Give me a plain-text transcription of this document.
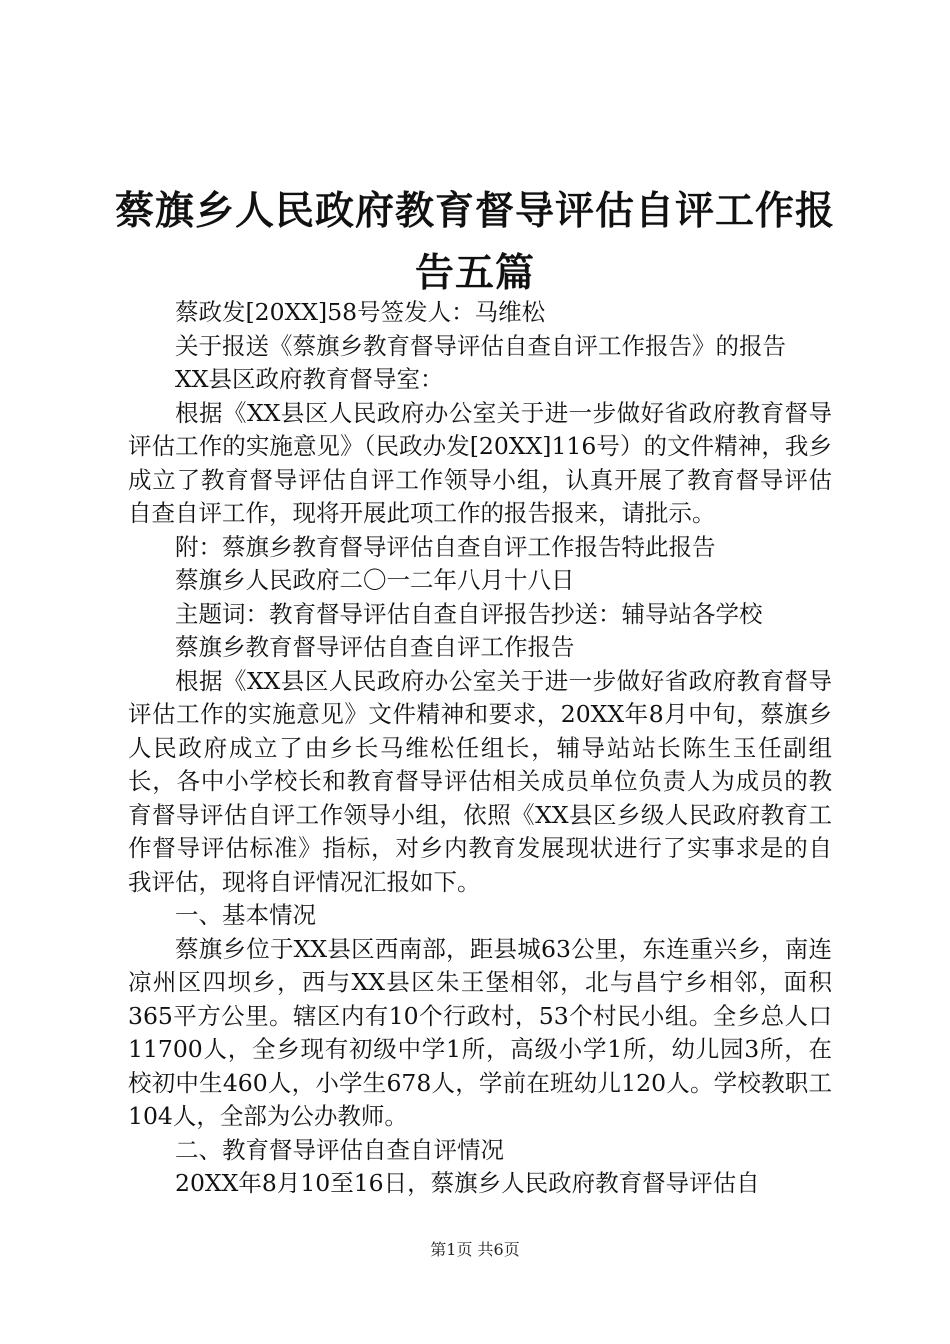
蔡旗乡人民政府教育督导评估自评工作报告五篇

蔡政发[20XX]58号签发人：马维松

关于报送《蔡旗乡教育督导评估自查自评工作报告》的报告

XX县区政府教育督导室：

根据《XX县区人民政府办公室关于进一步做好省政府教育督导评估工作的实施意见》（民政办发[20XX]116号）的文件精神，我乡成立了教育督导评估自评工作领导小组，认真开展了教育督导评估自查自评工作，现将开展此项工作的报告报来，请批示。

附：蔡旗乡教育督导评估自查自评工作报告特此报告

蔡旗乡人民政府二〇一二年八月十八日

主题词：教育督导评估自查自评报告抄送：辅导站各学校

蔡旗乡教育督导评估自查自评工作报告

根据《XX县区人民政府办公室关于进一步做好省政府教育督导评估工作的实施意见》文件精神和要求，20XX年8月中旬，蔡旗乡人民政府成立了由乡长马维松任组长，辅导站站长陈生玉任副组长，各中小学校长和教育督导评估相关成员单位负责人为成员的教育督导评估自评工作领导小组，依照《XX县区乡级人民政府教育工作督导评估标准》指标，对乡内教育发展现状进行了实事求是的自我评估，现将自评情况汇报如下。

一、基本情况

蔡旗乡位于XX县区西南部，距县城63公里，东连重兴乡，南连凉州区四坝乡，西与XX县区朱王堡相邻，北与昌宁乡相邻，面积365平方公里。辖区内有10个行政村，53个村民小组。全乡总人口11700人，全乡现有初级中学1所，高级小学1所，幼儿园3所，在校初中生460人，小学生678人，学前在班幼儿120人。学校教职工104人，全部为公办教师。

二、教育督导评估自查自评情况

20XX年8月10至16日，蔡旗乡人民政府教育督导评估自

第1页 共6页
